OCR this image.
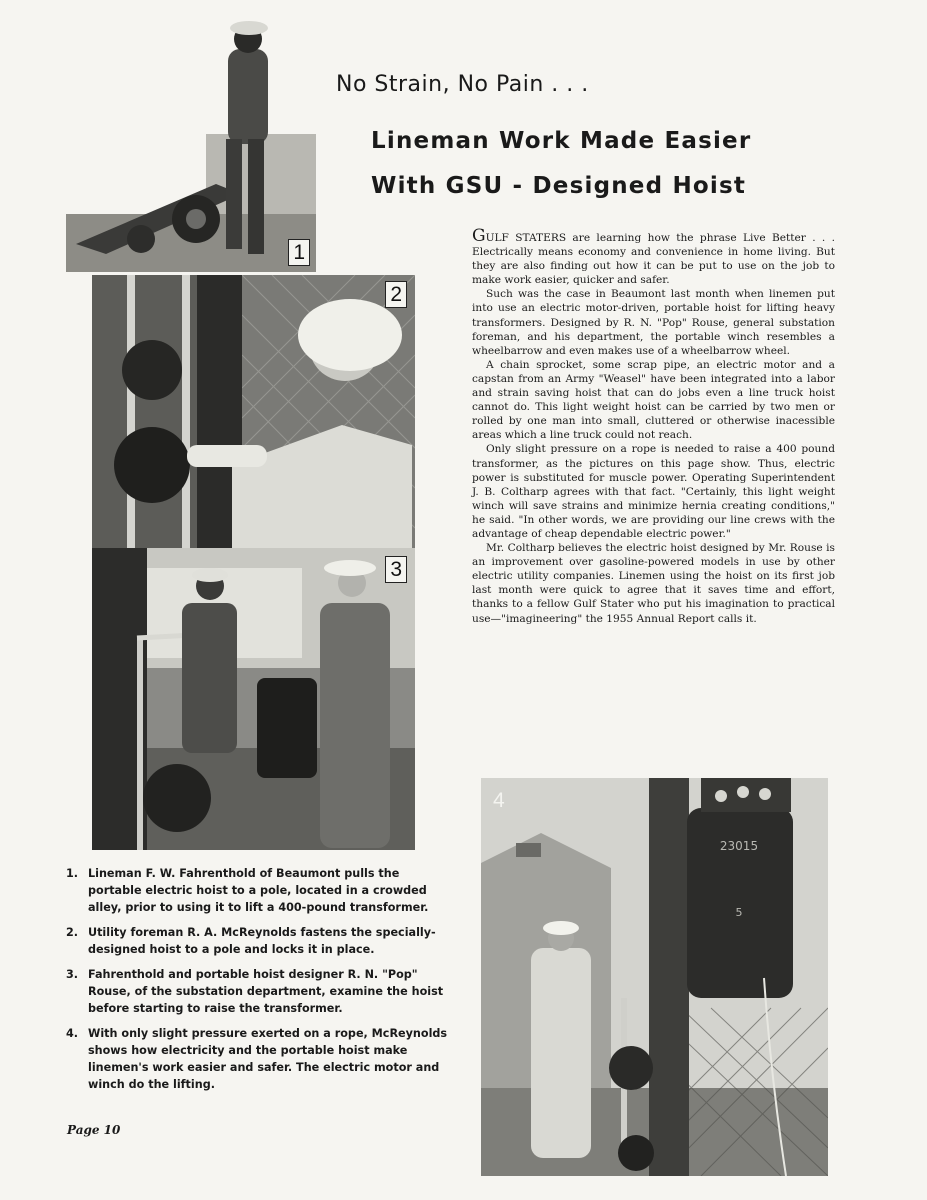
No Strain, No Pain . . .
Lineman Work Made Easier
With GSU - Designed Hoist
1
2
3
23015
5
4

GULF STATERS are learning how the phrase Live Better . . . Electrically means economy and convenience in home living. But they are also finding out how it can be put to use on the job to make work easier, quicker and safer.

Such was the case in Beaumont last month when linemen put into use an electric motor-driven, portable hoist for lifting heavy transformers. Designed by R. N. "Pop" Rouse, general substation foreman, and his department, the portable winch resembles a wheelbarrow and even makes use of a wheelbarrow wheel.

A chain sprocket, some scrap pipe, an electric motor and a capstan from an Army "Weasel" have been integrated into a labor and strain saving hoist that can do jobs even a line truck hoist cannot do. This light weight hoist can be carried by two men or rolled by one man into small, cluttered or otherwise inacessible areas which a line truck could not reach.

Only slight pressure on a rope is needed to raise a 400 pound transformer, as the pictures on this page show. Thus, electric power is substituted for muscle power. Operating Superintendent J. B. Coltharp agrees with that fact. "Certainly, this light weight winch will save strains and minimize hernia creating conditions," he said. "In other words, we are providing our line crews with the advantage of cheap dependable electric power."

Mr. Coltharp believes the electric hoist designed by Mr. Rouse is an improvement over gasoline-powered models in use by other electric utility companies. Linemen using the hoist on its first job last month were quick to agree that it saves time and effort, thanks to a fellow Gulf Stater who put his imagination to practical use—"imagineering" the 1955 Annual Report calls it.

1. Lineman F. W. Fahrenthold of Beaumont pulls the portable electric hoist to a pole, located in a crowded alley, prior to using it to lift a 400-pound transformer.
2. Utility foreman R. A. McReynolds fastens the specially-designed hoist to a pole and locks it in place.
3. Fahrenthold and portable hoist designer R. N. "Pop" Rouse, of the substation department, examine the hoist before starting to raise the transformer.
4. With only slight pressure exerted on a rope, McReynolds shows how electricity and the portable hoist make linemen's work easier and safer. The electric motor and winch do the lifting.
Page 10
